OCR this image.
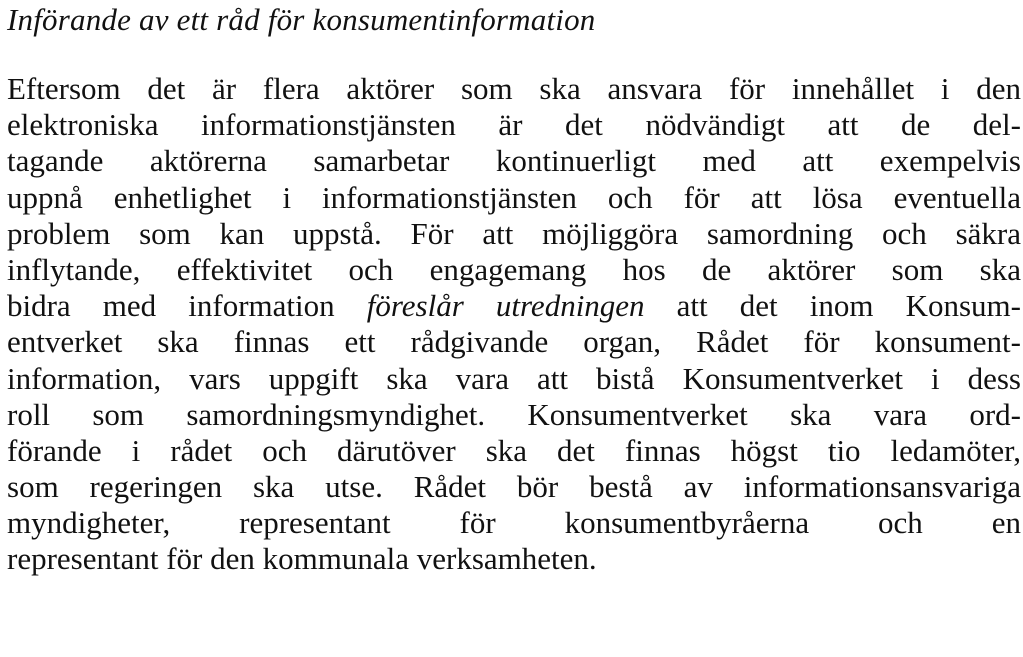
Införande av ett råd för konsumentinformation
Eftersom det är flera aktörer som ska ansvara för innehållet i den
elektroniska informationstjänsten är det nödvändigt att de del-
tagande aktörerna samarbetar kontinuerligt med att exempelvis
uppnå enhetlighet i informationstjänsten och för att lösa eventuella
problem som kan uppstå. För att möjliggöra samordning och säkra
inflytande, effektivitet och engagemang hos de aktörer som ska
bidra med information föreslår utredningen att det inom Konsum-
entverket ska finnas ett rådgivande organ, Rådet för konsument-
information, vars uppgift ska vara att bistå Konsumentverket i dess
roll som samordningsmyndighet. Konsumentverket ska vara ord-
förande i rådet och därutöver ska det finnas högst tio ledamöter,
som regeringen ska utse. Rådet bör bestå av informationsansvariga
myndigheter, representant för konsumentbyråerna och en
representant för den kommunala verksamheten.
